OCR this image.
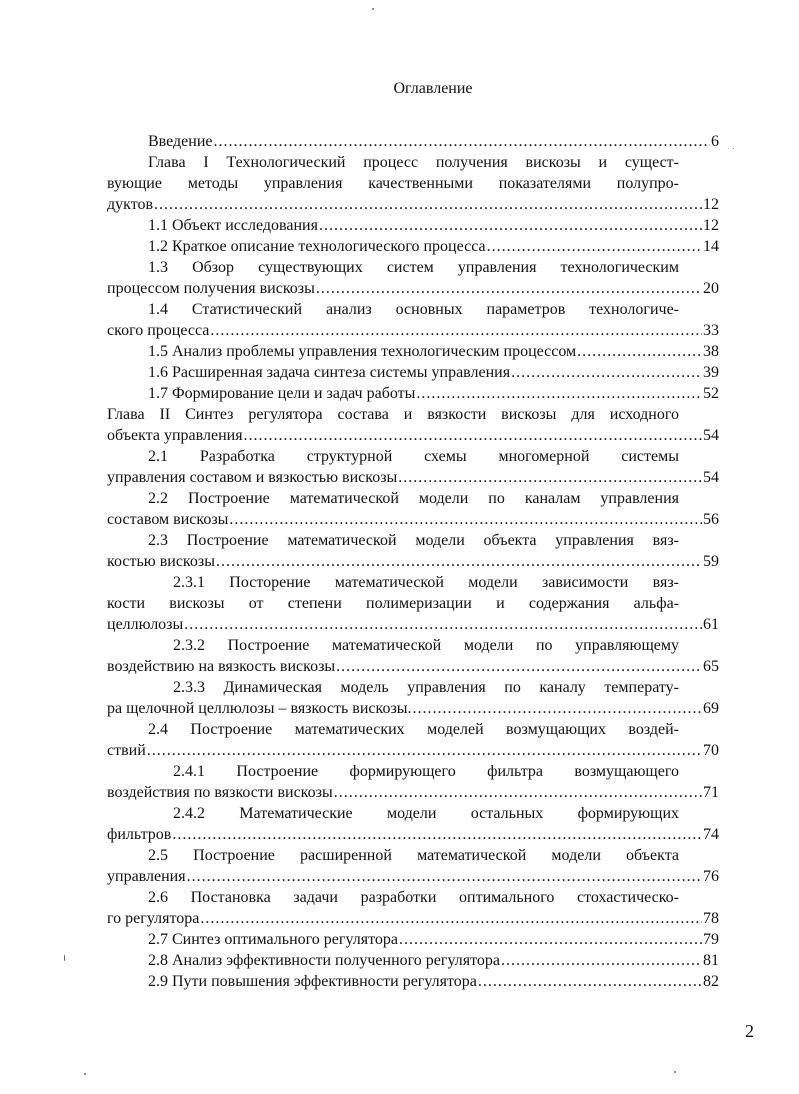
Оглавление
Введение .....	6
Глава I Технологический процесс получения вискозы и сущест-
вующие методы управления качественными показателями полупро-
дуктов .....	12
1.1 Объект исследования .....	12
1.2 Краткое описание технологического процесса .....	14
1.3 Обзор существующих систем управления технологическим
процессом получения вискозы .....	20
1.4 Статистический анализ основных параметров технологиче-
ского процесса .....	33
1.5 Анализ проблемы управления технологическим процессом .....	38
1.6 Расширенная задача синтеза системы управления .....	39
1.7 Формирование цели и задач работы .....	52
Глава II Синтез регулятора состава и вязкости вискозы для исходного
объекта управления .....	54
2.1 Разработка структурной схемы многомерной системы
управления составом и вязкостью вискозы .....	54
2.2 Построение математической модели по каналам управления
составом вискозы .....	56
2.3 Построение математической модели объекта управления вяз-
костью вискозы .....	59
2.3.1 Посторение математической модели зависимости вяз-
кости вискозы от степени полимеризации и содержания альфа-
целлюлозы .....	61
2.3.2 Построение математической модели по управляющему
воздействию на вязкость вискозы .....	65
2.3.3 Динамическая модель управления по каналу температу-
ра щелочной целлюлозы – вязкость вискозы. .....	69
2.4 Построение математических моделей возмущающих воздей-
ствий .....	70
2.4.1 Построение формирующего фильтра возмущающего
воздействия по вязкости вискозы .....	71
2.4.2 Математические модели остальных формирующих
фильтров .....	74
2.5 Построение расширенной математической модели объекта
управления .....	76
2.6 Постановка задачи разработки оптимального стохастическо-
го регулятора .....	78
2.7 Синтез оптимального регулятора .....	79
2.8 Анализ эффективности полученного регулятора .....	81
2.9 Пути повышения эффективности регулятора .....	82
2
